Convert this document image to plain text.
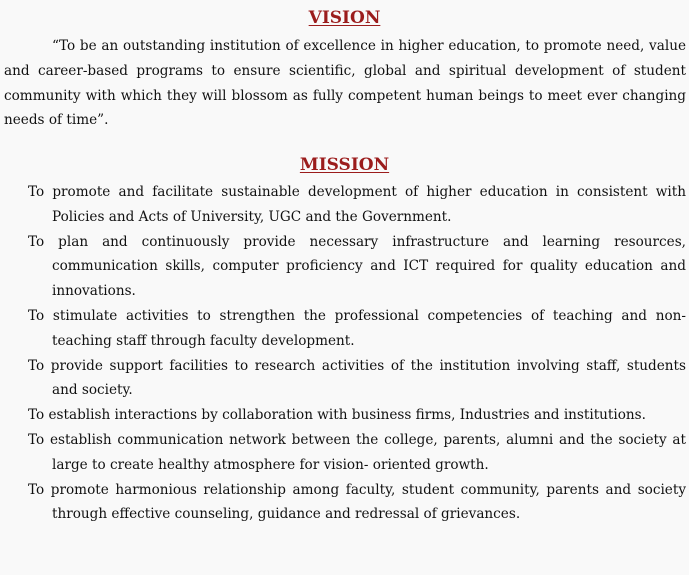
VISION

“To be an outstanding institution of excellence in higher education, to promote need, value and career-based programs to ensure scientific, global and spiritual development of student community with which they will blossom as fully competent human beings to meet ever changing needs of time”.

MISSION
To promote and facilitate sustainable development of higher education in consistent with Policies and Acts of University, UGC and the Government.
To plan and continuously provide necessary infrastructure and learning resources, communication skills, computer proficiency and ICT required for quality education and innovations.
To stimulate activities to strengthen the professional competencies of teaching and non-teaching staff through faculty development.
To provide support facilities to research activities of the institution involving staff, students and society.
To establish interactions by collaboration with business firms, Industries and institutions.
To establish communication network between the college, parents, alumni and the society at large to create healthy atmosphere for vision- oriented growth.
To promote harmonious relationship among faculty, student community, parents and society through effective counseling, guidance and redressal of grievances.
